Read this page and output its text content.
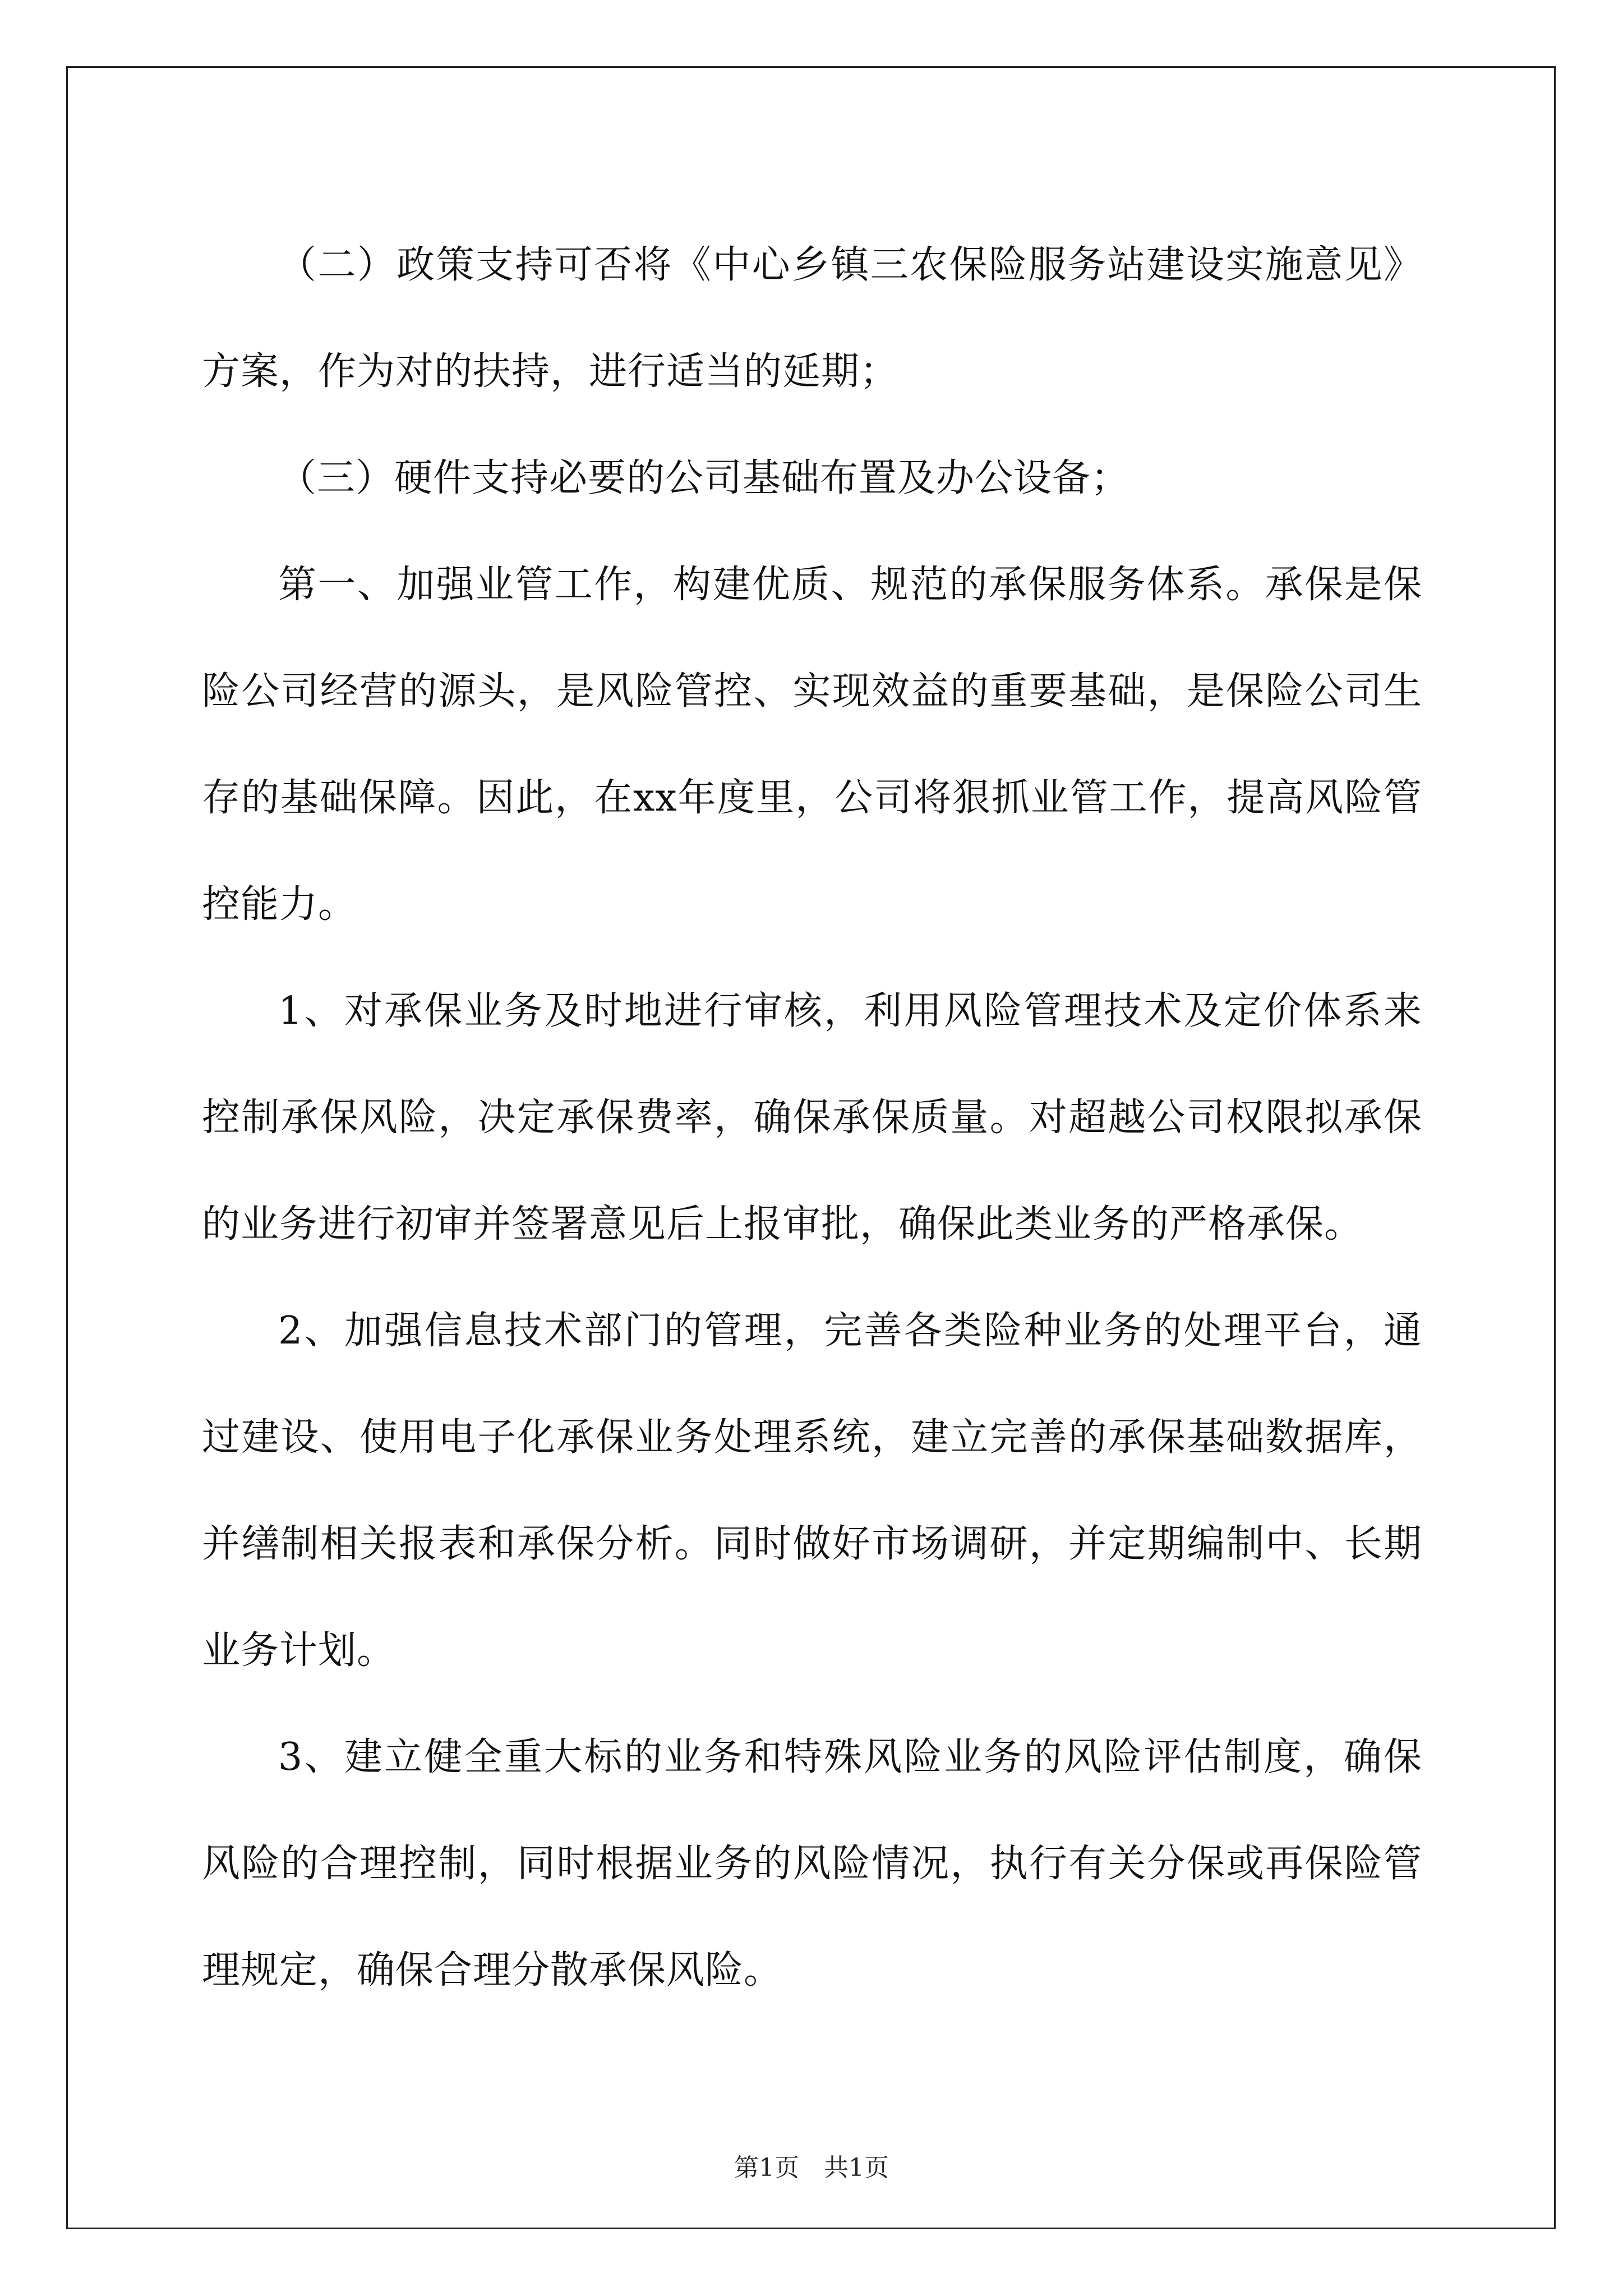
（二）政策支持可否将《中心乡镇三农保险服务站建设实施意见》方案，作为对的扶持，进行适当的延期；

（三）硬件支持必要的公司基础布置及办公设备；

第一、加强业管工作，构建优质、规范的承保服务体系。承保是保险公司经营的源头，是风险管控、实现效益的重要基础，是保险公司生存的基础保障。因此，在xx年度里，公司将狠抓业管工作，提高风险管控能力。

1、对承保业务及时地进行审核，利用风险管理技术及定价体系来控制承保风险，决定承保费率，确保承保质量。对超越公司权限拟承保的业务进行初审并签署意见后上报审批，确保此类业务的严格承保。

2、加强信息技术部门的管理，完善各类险种业务的处理平台，通过建设、使用电子化承保业务处理系统，建立完善的承保基础数据库，并缮制相关报表和承保分析。同时做好市场调研，并定期编制中、长期业务计划。

3、建立健全重大标的业务和特殊风险业务的风险评估制度，确保风险的合理控制，同时根据业务的风险情况，执行有关分保或再保险管理规定，确保合理分散承保风险。

第1页　共1页
